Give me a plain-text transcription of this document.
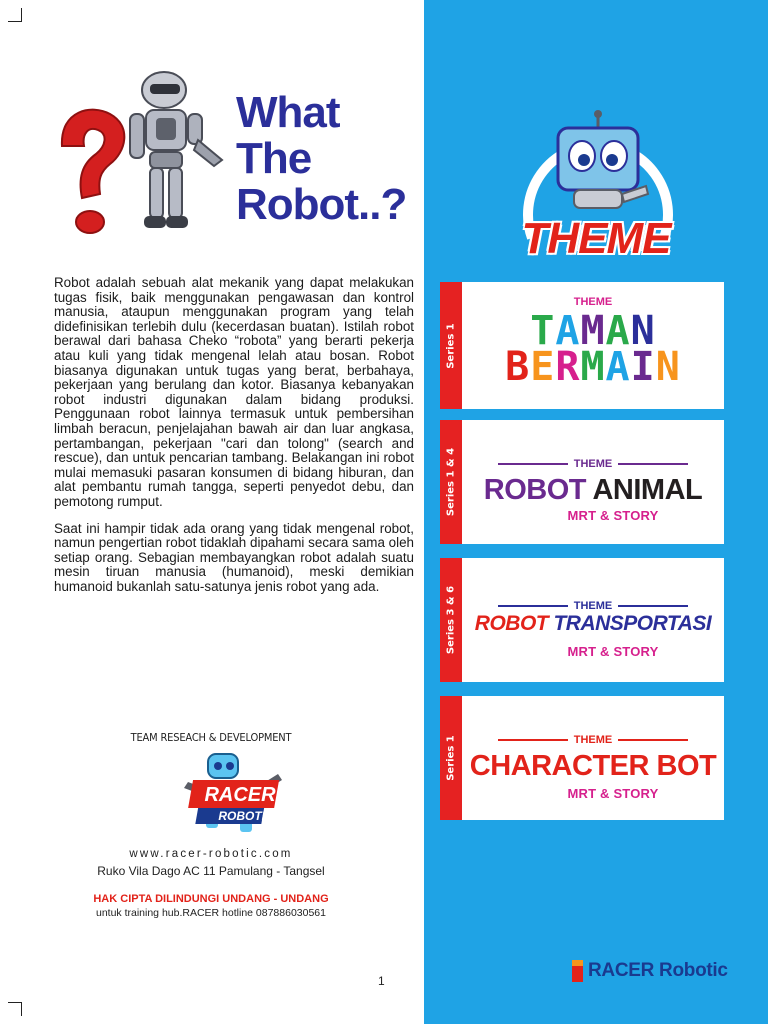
What
The
Robot..?

Robot adalah sebuah alat mekanik yang dapat melakukan tugas fisik, baik menggunakan pengawasan dan kontrol manusia, ataupun menggunakan program yang telah didefinisikan terlebih dulu (kecerdasan buatan). Istilah robot berawal dari bahasa Cheko “robota” yang berarti pekerja atau kuli yang tidak mengenal lelah atau bosan. Robot biasanya digunakan untuk tugas yang berat, berbahaya, pekerjaan yang berulang dan kotor. Biasanya kebanyakan robot industri digunakan dalam bidang produksi. Penggunaan robot lainnya termasuk untuk pembersihan limbah beracun, penjelajahan bawah air dan luar angkasa, pertambangan, pekerjaan "cari dan tolong" (search and rescue), dan untuk pencarian tambang. Belakangan ini robot mulai memasuki pasaran konsumen di bidang hiburan, dan alat pembantu rumah tangga, seperti penyedot debu, dan pemotong rumput.

Saat ini hampir tidak ada orang yang tidak mengenal robot, namun pengertian robot tidaklah dipahami secara sama oleh setiap orang. Sebagian membayangkan robot adalah suatu mesin tiruan manusia (humanoid), meski demikian humanoid bukanlah satu-satunya jenis robot yang ada.

TEAM RESEACH & DEVELOPMENT
RACER
ROBOTIC
www.racer-robotic.com
Ruko Vila Dago AC 11 Pamulang - Tangsel
HAK CIPTA DILINDUNGI UNDANG - UNDANG
untuk training hub.RACER hotline 087886030561
1
THEME
Series 1
THEME
TAMAN
BERMAIN
Series 1 & 4	THEME
ROBOT ANIMAL
MRT & STORY
Series 3 & 6	THEME
ROBOT TRANSPORTASI
MRT & STORY
Series 1	THEME
CHARACTER BOT
MRT & STORY
RACER Robotic
